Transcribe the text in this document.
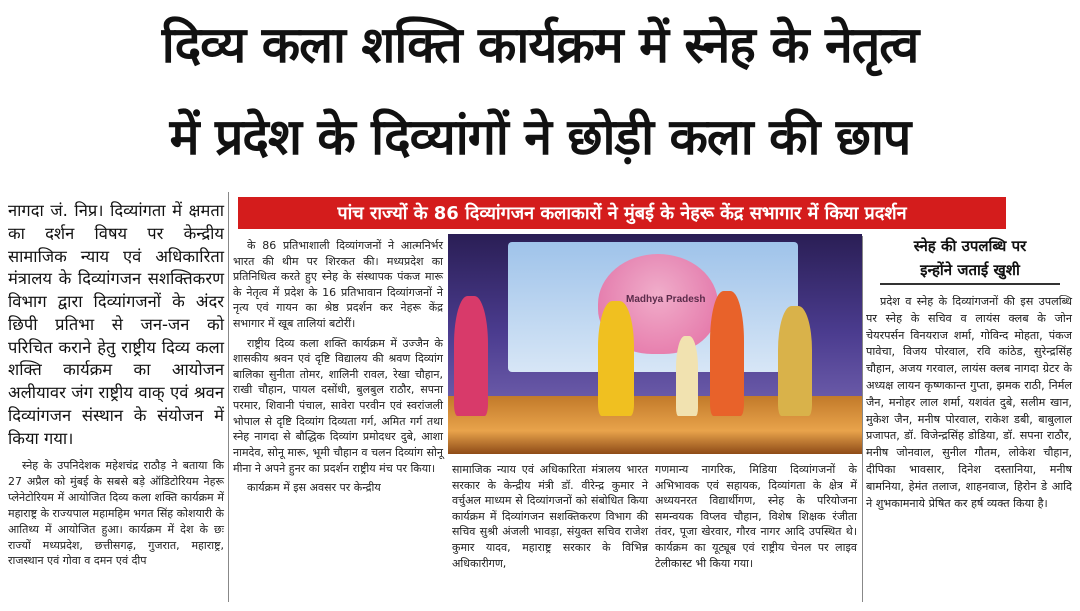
दिव्य कला शक्ति कार्यक्रम में स्नेह के नेतृत्व
में प्रदेश के दिव्यांगों ने छोड़ी कला की छाप

नागदा जं. निप्र। दिव्यांगता में क्षमता का दर्शन विषय पर केन्द्रीय सामाजिक न्याय एवं अधिकारिता मंत्रालय के दिव्यांगजन सशक्तिकरण विभाग द्वारा दिव्यांगजनों के अंदर छिपी प्रतिभा से जन-जन को परिचित कराने हेतु राष्ट्रीय दिव्य कला शक्ति कार्यक्रम का आयोजन अलीयावर जंग राष्ट्रीय वाक् एवं श्रवन दिव्यांगजन संस्थान के संयोजन में किया गया।

स्नेह के उपनिदेशक महेशचंद्र राठौड़ ने बताया कि 27 अप्रैल को मुंबई के सबसे बड़े ऑडिटोरियम नेहरू प्लेनेटोरियम में आयोजित दिव्य कला शक्ति कार्यक्रम में महाराष्ट्र के राज्यपाल महामहिम भगत सिंह कोशयारी के आतिथ्य में आयोजित हुआ। कार्यक्रम में देश के छः राज्यों मध्यप्रदेश, छत्तीसगढ़, गुजरात, महाराष्ट्र, राजस्थान एवं गोवा व दमन एवं दीप

पांच राज्यों के 86 दिव्यांगजन कलाकारों ने मुंबई के नेहरू केंद्र सभागार में किया प्रदर्शन

के 86 प्रतिभाशाली दिव्यांगजनों ने आत्मनिर्भर भारत की थीम पर शिरकत की। मध्यप्रदेश का प्रतिनिधित्व करते हुए स्नेह के संस्थापक पंकज मारू के नेतृत्व में प्रदेश के 16 प्रतिभावान दिव्यांगजनों ने नृत्य एवं गायन का श्रेष्ठ प्रदर्शन कर नेहरू केंद्र सभागार में खूब तालियां बटोरीं।

राष्ट्रीय दिव्य कला शक्ति कार्यक्रम में उज्जैन के शासकीय श्रवन एवं दृष्टि विद्यालय की श्रवण दिव्यांग बालिका सुनीता तोमर, शालिनी रावल, रेखा चौहान, राखी चौहान, पायल दसोंधी, बुलबुल राठौर, सपना परमार, शिवानी पंचाल, सावेरा परवीन एवं स्वरांजली भोपाल से दृष्टि दिव्यांग दिव्यता गर्ग, अमित गर्ग तथा स्नेह नागदा से बौद्धिक दिव्यांग प्रमोदधर दुबे, आशा नामदेव, सोनू मारू, भूमी चौहान व चलन दिव्यांग सोनू मीना ने अपने हुनर का प्रदर्शन राष्ट्रीय मंच पर किया।

कार्यक्रम में इस अवसर पर केन्द्रीय

Madhya Pradesh

सामाजिक न्याय एवं अधिकारिता मंत्रालय भारत सरकार के केन्द्रीय मंत्री डॉ. वीरेन्द्र कुमार ने वर्चुअल माध्यम से दिव्यांगजनों को संबोधित किया कार्यक्रम में दिव्यांगजन सशक्तिकरण विभाग की सचिव सुश्री अंजली भावड़ा, संयुक्त सचिव राजेश कुमार यादव, महाराष्ट्र सरकार के विभिन्न अधिकारीगण,

गणमान्य नागरिक, मिडिया दिव्यांगजनों के अभिभावक एवं सहायक, दिव्यांगता के क्षेत्र में अध्ययनरत विद्यार्थीगण, स्नेह के परियोजना समन्वयक विप्लव चौहान, विशेष शिक्षक रंजीता तंवर, पूजा खेरवार, गौरव नागर आदि उपस्थित थे। कार्यक्रम का यूट्यूब एवं राष्ट्रीय चेनल पर लाइव टेलीकास्ट भी किया गया।

स्नेह की उपलब्धि पर
इन्होंने जताई खुशी

प्रदेश व स्नेह के दिव्यांगजनों की इस उपलब्धि पर स्नेह के सचिव व लायंस क्लब के जोन चेयरपर्सन विनयराज शर्मा, गोविन्द मोहता, पंकज पावेचा, विजय पोरवाल, रवि कांठेड, सुरेन्द्रसिंह चौहान, अजय गरवाल, लायंस क्लब नागदा ग्रेटर के अध्यक्ष लायन कृष्णकान्त गुप्ता, झमक राठी, निर्मल जैन, मनोहर लाल शर्मा, यशवंत दुबे, सलीम खान, मुकेश जैन, मनीष पोरवाल, राकेश डबी, बाबुलाल प्रजापत, डॉ. विजेन्द्रसिंह डोडिया, डॉ. सपना राठौर, मनीष जोनवाल, सुनील गौतम, लोकेश चौहान, दीपिका भावसार, दिनेश दस्तानिया, मनीष बामनिया, हेमंत तलाज, शाहनवाज, हिरोन डे आदि ने शुभकामनाये प्रेषित कर हर्ष व्यक्त किया है।
